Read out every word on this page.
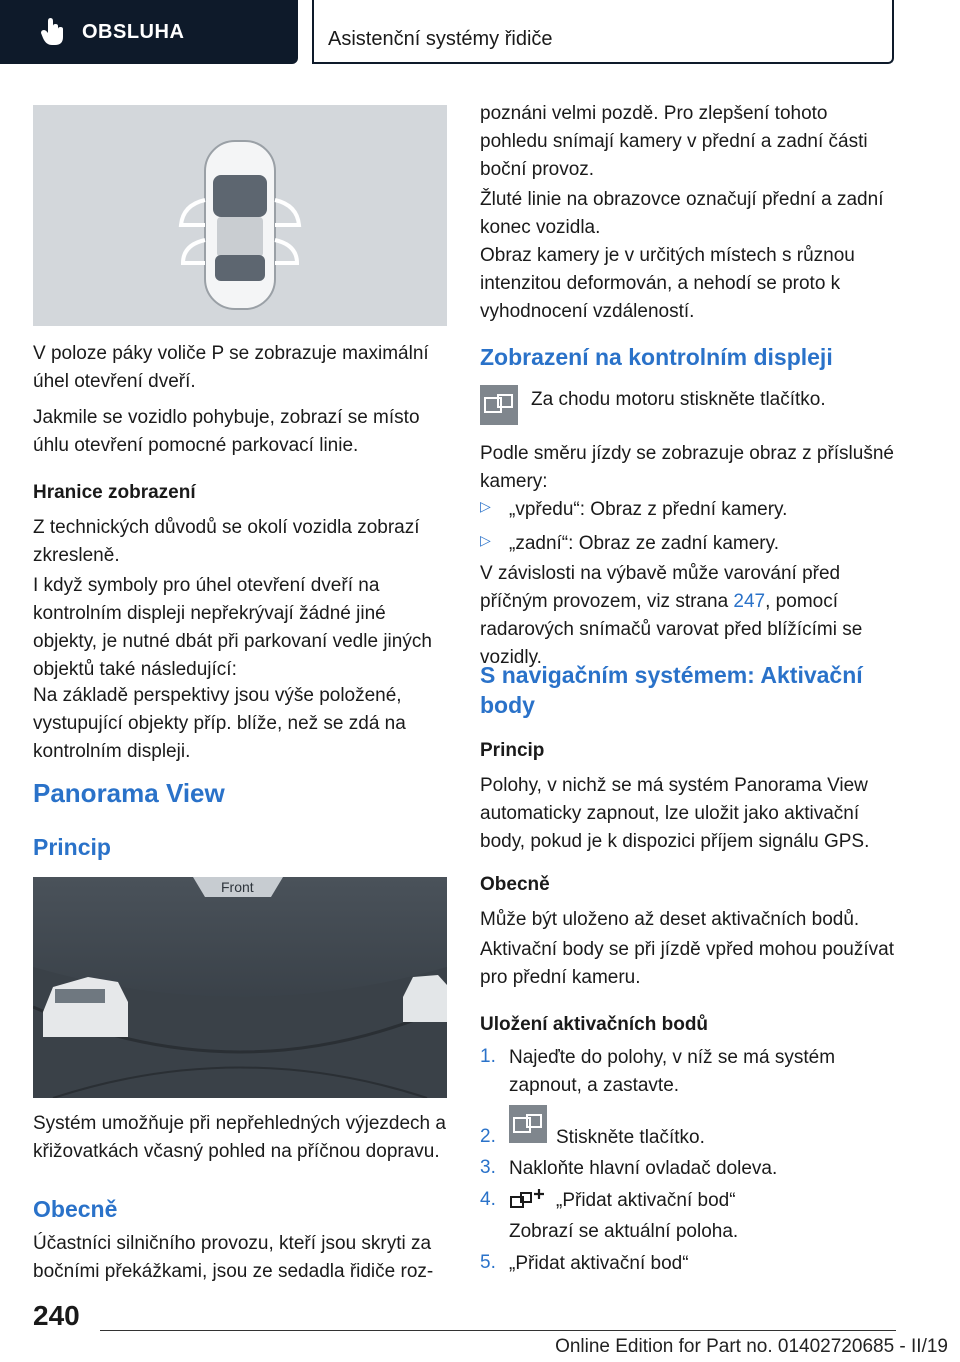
OBSLUHA	Asistenční systémy řidiče

V poloze páky voliče P se zobrazuje maximální úhel otevření dveří.

Jakmile se vozidlo pohybuje, zobrazí se místo úhlu otevření pomocné parkovací linie.

Hranice zobrazení

Z technických důvodů se okolí vozidla zobrazí zkresleně.

I když symboly pro úhel otevření dveří na kontrolním displeji nepřekrývají žádné jiné objekty, je nutné dbát při parkovaní vedle jiných objektů také následující:

Na základě perspektivy jsou výše položené, vystupující objekty příp. blíže, než se zdá na kontrolním displeji.

Panorama View
Princip
Front

Systém umožňuje při nepřehledných výjezdech a křižovatkách včasný pohled na příčnou dopravu.

Obecně

Účastníci silničního provozu, kteří jsou skryti za bočními překážkami, jsou ze sedadla řidiče roz-

poznáni velmi pozdě. Pro zlepšení tohoto pohledu snímají kamery v přední a zadní části boční provoz.

Žluté linie na obrazovce označují přední a zadní konec vozidla.

Obraz kamery je v určitých místech s různou intenzitou deformován, a nehodí se proto k vyhodnocení vzdáleností.

Zobrazení na kontrolním displeji

Za chodu motoru stiskněte tlačítko.

Podle směru jízdy se zobrazuje obraz z příslušné kamery:

▷ „vpředu“: Obraz z přední kamery.

▷ „zadní“: Obraz ze zadní kamery.

V závislosti na výbavě může varování před příčným provozem, viz strana 247, pomocí radarových snímačů varovat před blížícími se vozidly.

S navigačním systémem: Aktivační body
Princip

Polohy, v nichž se má systém Panorama View automaticky zapnout, lze uložit jako aktivační body, pokud je k dispozici příjem signálu GPS.

Obecně

Může být uloženo až deset aktivačních bodů.

Aktivační body se při jízdě vpřed mohou používat pro přední kameru.

Uložení aktivačních bodů
1. Najeďte do polohy, v níž se má systém zapnout, a zastavte.

2.	Stiskněte tlačítko.

3. Nakloňte hlavní ovladač doleva.

4.	„Přidat aktivační bod“

Zobrazí se aktuální poloha.

5. „Přidat aktivační bod“

240
Online Edition for Part no. 01402720685 - II/19
